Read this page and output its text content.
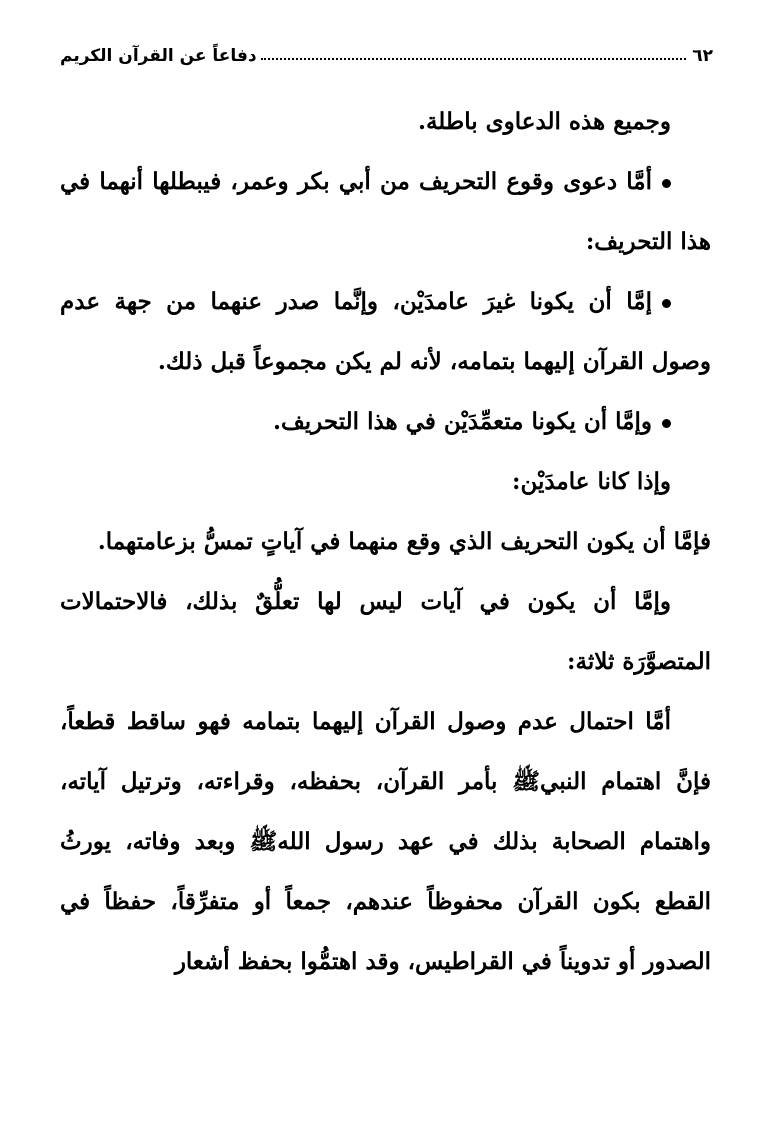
٦٢
دفاعاً عن القرآن الكريم

وجميع هذه الدعاوى باطلة.

أمَّا دعوى وقوع التحريف من أبي بكر وعمر، فيبطلها أنهما في هذا التحريف:

إمَّا أن يكونا غيرَ عامدَيْن، وإنَّما صدر عنهما من جهة عدم وصول القرآن إليهما بتمامه، لأنه لم يكن مجموعاً قبل ذلك.

وإمَّا أن يكونا متعمِّدَيْن في هذا التحريف.

وإذا كانا عامدَيْن:

فإمَّا أن يكون التحريف الذي وقع منهما في آياتٍ تمسُّ بزعامتهما.

وإمَّا أن يكون في آيات ليس لها تعلُّقٌ بذلك، فالاحتمالات المتصوَّرَة ثلاثة:

أمَّا احتمال عدم وصول القرآن إليهما بتمامه فهو ساقط قطعاً، فإنَّ اهتمام النبيﷺ بأمر القرآن، بحفظه، وقراءته، وترتيل آياته، واهتمام الصحابة بذلك في عهد رسول اللهﷺ وبعد وفاته، يورثُ القطع بكون القرآن محفوظاً عندهم، جمعاً أو متفرِّقاً، حفظاً في الصدور أو تدويناً في القراطيس، وقد اهتمُّوا بحفظ أشعار
